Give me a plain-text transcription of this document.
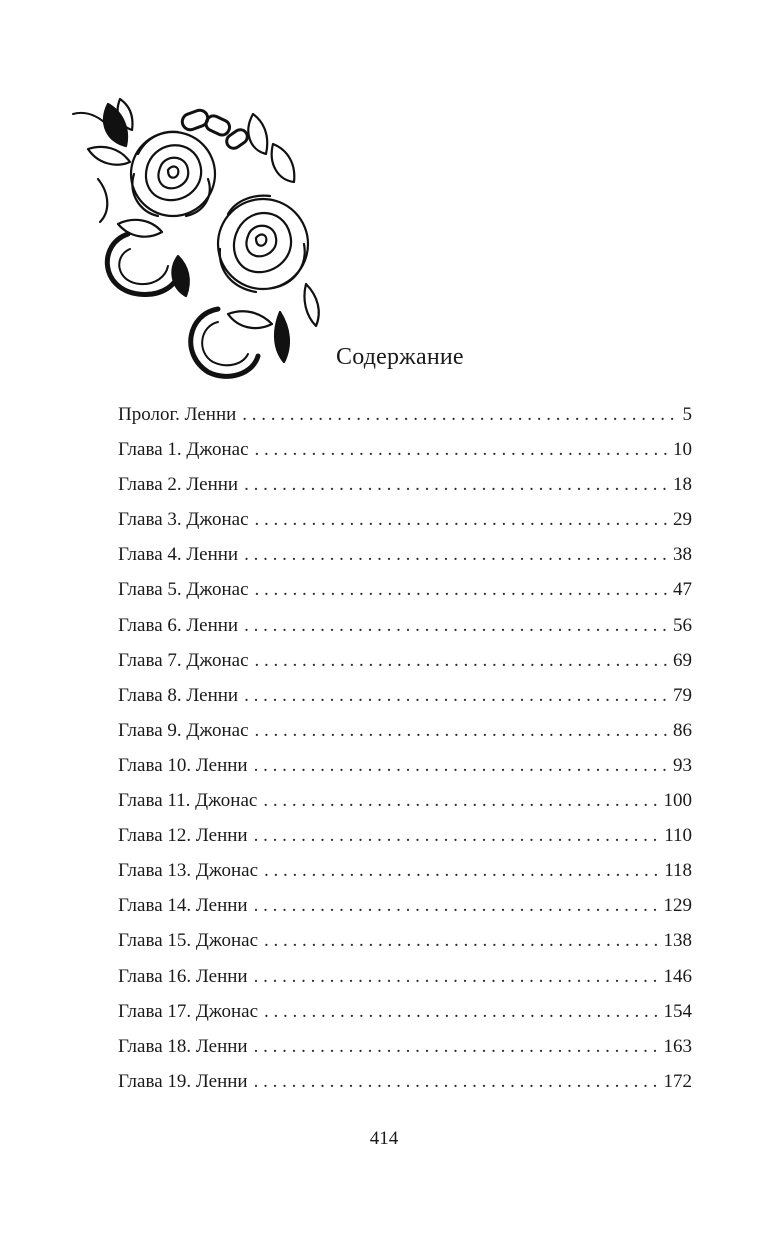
Содержание
Пролог. Ленни . . .	5
Глава 1. Джонас . . .	10
Глава 2. Ленни . . .	18
Глава 3. Джонас . . .	29
Глава 4. Ленни . . .	38
Глава 5. Джонас . . .	47
Глава 6. Ленни . . .	56
Глава 7. Джонас . . .	69
Глава 8. Ленни . . .	79
Глава 9. Джонас . . .	86
Глава 10. Ленни . . .	93
Глава 11. Джонас . . .	100
Глава 12. Ленни . . .	110
Глава 13. Джонас . . .	118
Глава 14. Ленни . . .	129
Глава 15. Джонас . . .	138
Глава 16. Ленни . . .	146
Глава 17. Джонас . . .	154
Глава 18. Ленни . . .	163
Глава 19. Ленни . . .	172
414
